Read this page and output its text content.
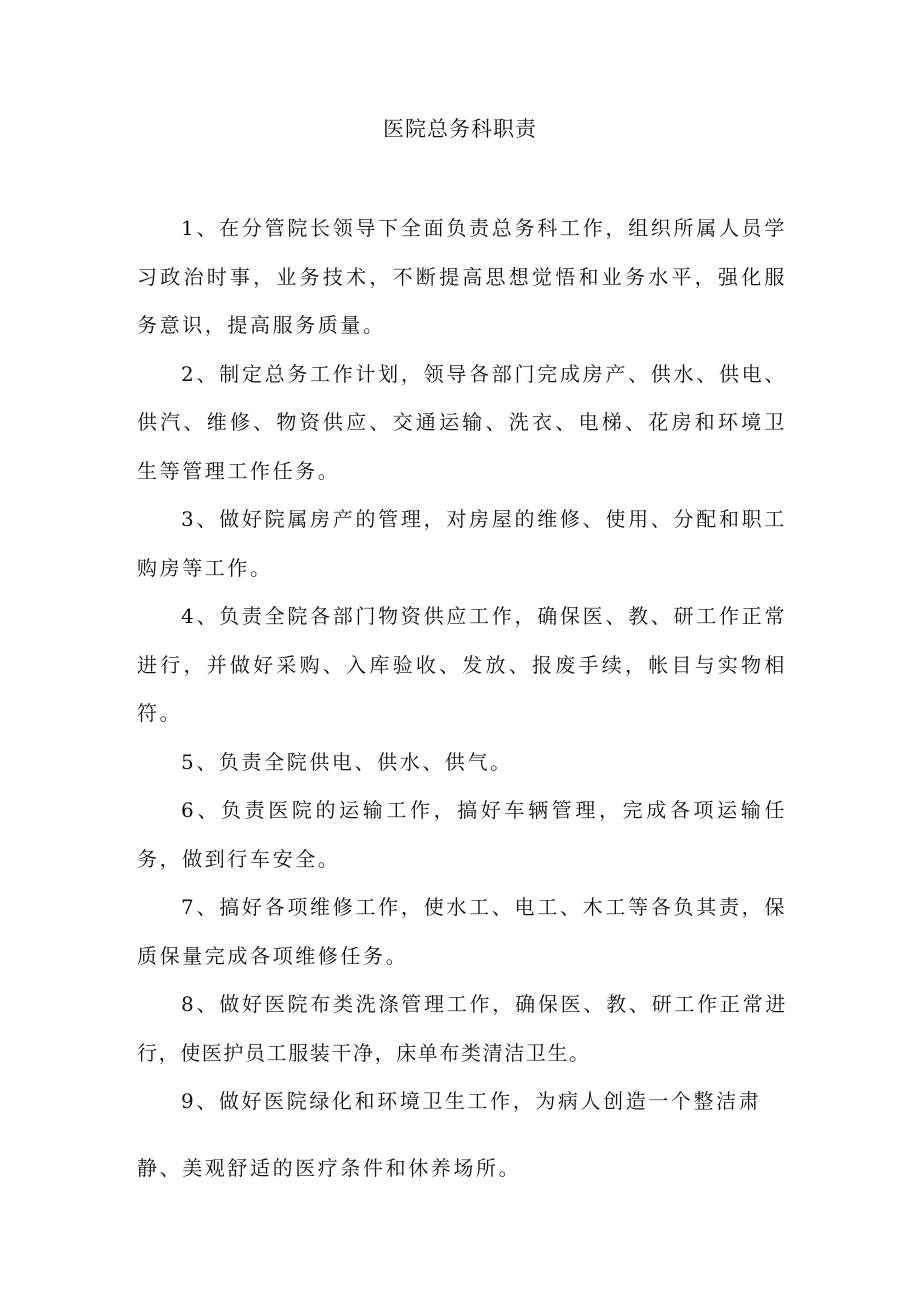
医院总务科职责

1、在分管院长领导下全面负责总务科工作，组织所属人员学习政治时事，业务技术，不断提高思想觉悟和业务水平，强化服务意识，提高服务质量。

2、制定总务工作计划，领导各部门完成房产、供水、供电、供汽、维修、物资供应、交通运输、洗衣、电梯、花房和环境卫生等管理工作任务。

3、做好院属房产的管理，对房屋的维修、使用、分配和职工购房等工作。

4、负责全院各部门物资供应工作，确保医、教、研工作正常进行，并做好采购、入库验收、发放、报废手续，帐目与实物相符。

5、负责全院供电、供水、供气。

6、负责医院的运输工作，搞好车辆管理，完成各项运输任务，做到行车安全。

7、搞好各项维修工作，使水工、电工、木工等各负其责，保质保量完成各项维修任务。

8、做好医院布类洗涤管理工作，确保医、教、研工作正常进行，使医护员工服装干净，床单布类清洁卫生。

9、做好医院绿化和环境卫生工作，为病人创造一个整洁肃
静、美观舒适的医疗条件和休养场所。
